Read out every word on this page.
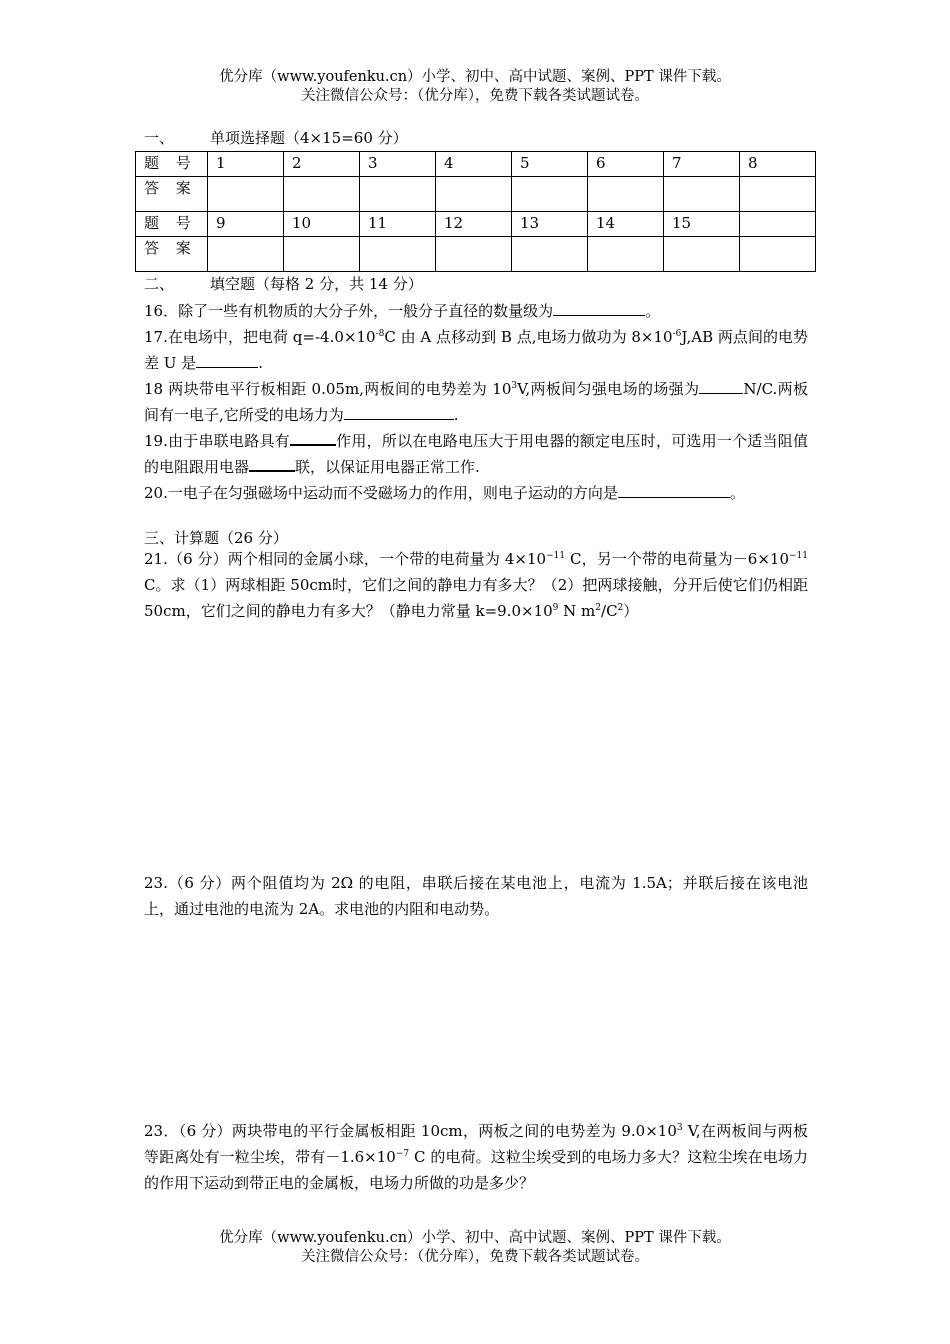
优分库（www.youfenku.cn）小学、初中、高中试题、案例、PPT 课件下载。
关注微信公众号：（优分库），免费下载各类试题试卷。
一、 单项选择题（4×15=60 分）
题 号	1	2	3	4	5	6	7	8
答 案								
题 号	9	10	11	12	13	14	15	
答 案								
二、 填空题（每格 2 分，共 14 分）
16．除了一些有机物质的大分子外，一般分子直径的数量级为	。
17.在电场中，把电荷 $q=-4.0\times 10^{-8}C$ 由 A 点移动到 B 点,电场力做功为 $8\times 10^{-6}J,AB$ 两点间的电势差 U 是	.
18 两块带电平行板相距 0.05m,两板间的电势差为 $10^3V$,两板间匀强电场的场强为	N/C.两板间有一电子,它所受的电场力为	.
19.由于串联电路具有	作用，所以在电路电压大于用电器的额定电压时，可选用一个适当阻值的电阻跟用电器	联，以保证用电器正常工作.
20.一电子在匀强磁场中运动而不受磁场力的作用，则电子运动的方向是	。
三、计算题（26 分）
21.（6 分）两个相同的金属小球，一个带的电荷量为 $4\times 10^{-11}$ C，另一个带的电荷量为$-6\times 10^{-11}$ C。求（1）两球相距 50cm时，它们之间的静电力有多大？（2）把两球接触，分开后使它们仍相距 50cm，它们之间的静电力有多大？（静电力常量 $k=9.0\times 10^9$ N $m^2/C^2$）
23.（6 分）两个阻值均为 2Ω 的电阻，串联后接在某电池上，电流为 1.5A；并联后接在该电池上，通过电池的电流为 2A。求电池的内阻和电动势。
23．（6 分）两块带电的平行金属板相距 10cm，两板之间的电势差为 $9.0\times 10^3$ V,在两板间与两板等距离处有一粒尘埃，带有$-1.6\times 10^{-7}$ C 的电荷。这粒尘埃受到的电场力多大？这粒尘埃在电场力的作用下运动到带正电的金属板，电场力所做的功是多少？
优分库（www.youfenku.cn）小学、初中、高中试题、案例、PPT 课件下载。
关注微信公众号：（优分库），免费下载各类试题试卷。
